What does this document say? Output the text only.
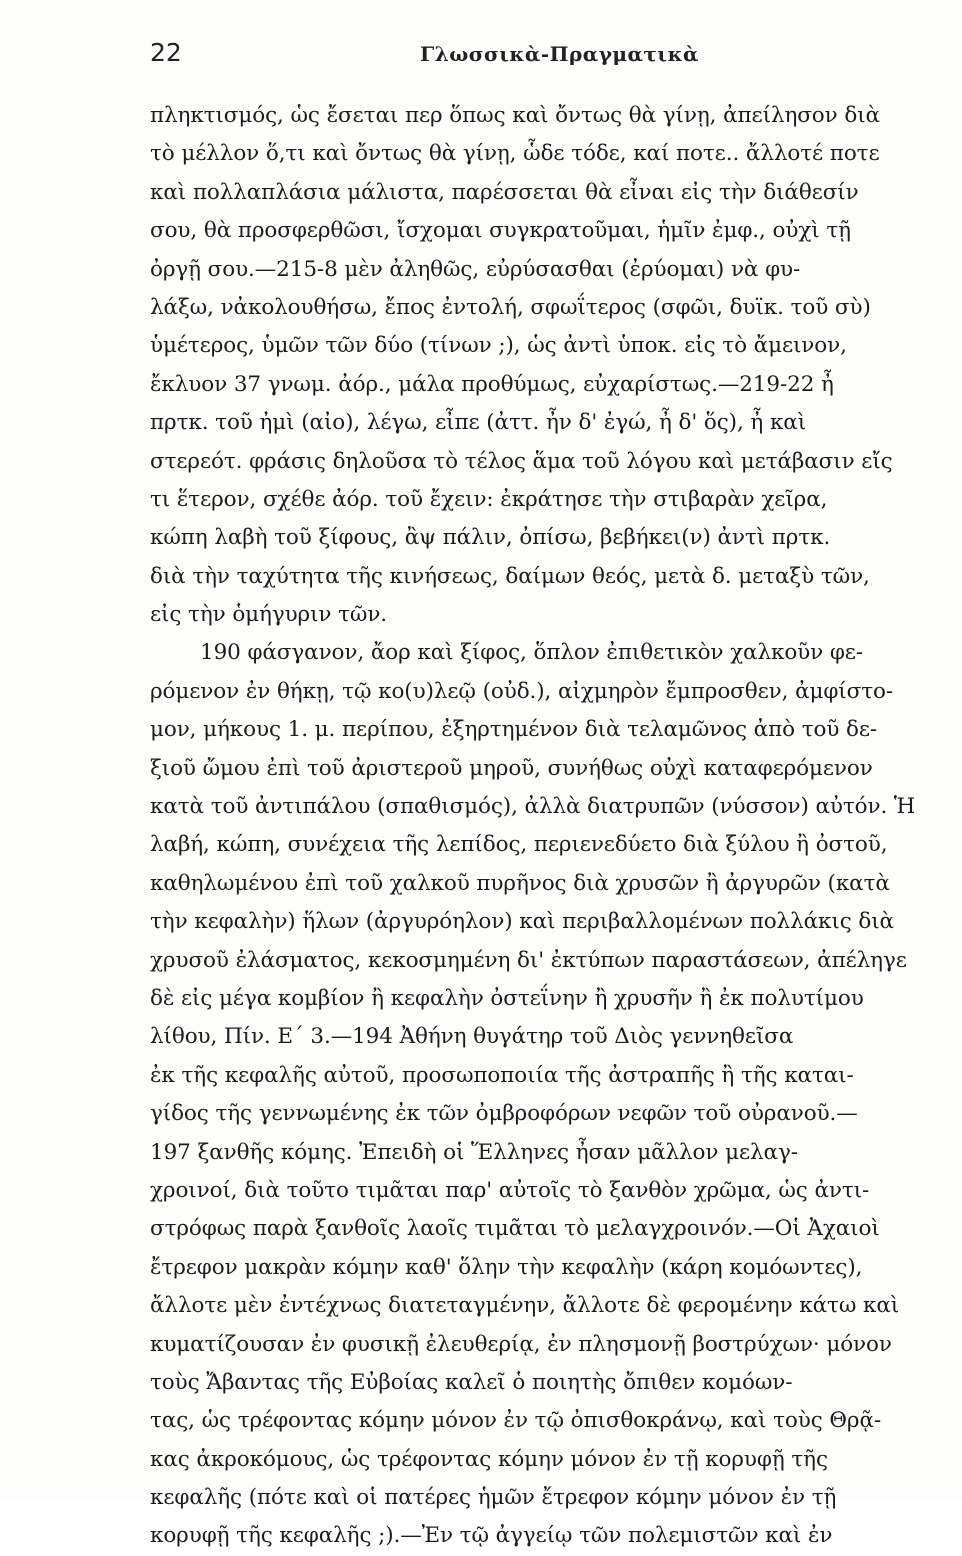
22	Γλωσσικὰ-Πραγματικὰ
πληκτισμός, ὡς ἔσεται περ ὅπως καὶ ὄντως θὰ γίνῃ, ἀπείλησον διὰ
τὸ μέλλον ὅ,τι καὶ ὄντως θὰ γίνῃ, ὧδε τόδε, καί ποτε.. ἄλλοτέ ποτε
καὶ πολλαπλάσια μάλιστα, παρέσσεται θὰ εἶναι εἰς τὴν διάθεσίν
σου, θὰ προσφερθῶσι, ἴσχομαι συγκρατοῦμαι, ἡμῖν ἐμφ., οὐχὶ τῇ
ὀργῇ σου.—215-8 μὲν ἀληθῶς, εὐρύσασθαι (ἐρύομαι) νὰ φυ-
λάξω, νἀκολουθήσω, ἔπος ἐντολή, σφωΐτερος (σφῶι, δυϊκ. τοῦ σὺ)
ὑμέτερος, ὑμῶν τῶν δύο (τίνων ;), ὡς ἀντὶ ὑποκ. εἰς τὸ ἄμεινον,
ἔκλυον 37 γνωμ. ἀόρ., μάλα προθύμως, εὐχαρίστως.—219-22 ἦ
πρτκ. τοῦ ἠμὶ (αἰο), λέγω, εἶπε (ἀττ. ἦν δ' ἐγώ, ἦ δ' ὅς), ἦ καὶ
στερεότ. φράσις δηλοῦσα τὸ τέλος ἅμα τοῦ λόγου καὶ μετάβασιν εἴς
τι ἕτερον, σχέθε ἀόρ. τοῦ ἔχειν: ἐκράτησε τὴν στιβαρὰν χεῖρα,
κώπη λαβὴ τοῦ ξίφους, ἂψ πάλιν, ὀπίσω, βεβήκει(ν) ἀντὶ πρτκ.
διὰ τὴν ταχύτητα τῆς κινήσεως, δαίμων θεός, μετὰ δ. μεταξὺ τῶν,
εἰς τὴν ὁμήγυριν τῶν.
190 φάσγανον, ἄορ καὶ ξίφος, ὅπλον ἐπιθετικὸν χαλκοῦν φε-
ρόμενον ἐν θήκῃ, τῷ κο(υ)λεῷ (οὐδ.), αἰχμηρὸν ἔμπροσθεν, ἀμφίστο-
μον, μήκους 1. μ. περίπου, ἐξηρτημένον διὰ τελαμῶνος ἀπὸ τοῦ δε-
ξιοῦ ὤμου ἐπὶ τοῦ ἀριστεροῦ μηροῦ, συνήθως οὐχὶ καταφερόμενον
κατὰ τοῦ ἀντιπάλου (σπαθισμός), ἀλλὰ διατρυπῶν (νύσσον) αὐτόν. Ἡ
λαβή, κώπη, συνέχεια τῆς λεπίδος, περιενεδύετο διὰ ξύλου ἢ ὀστοῦ,
καθηλωμένου ἐπὶ τοῦ χαλκοῦ πυρῆνος διὰ χρυσῶν ἢ ἀργυρῶν (κατὰ
τὴν κεφαλὴν) ἥλων (ἀργυρόηλον) καὶ περιβαλλομένων πολλάκις διὰ
χρυσοῦ ἐλάσματος, κεκοσμημένη δι' ἐκτύπων παραστάσεων, ἀπέληγε
δὲ εἰς μέγα κομβίον ἢ κεφαλὴν ὀστεΐνην ἢ χρυσῆν ἢ ἐκ πολυτίμου
λίθου, Πίν. Ε΄ 3.—194 Ἀθήνη θυγάτηρ τοῦ Διὸς γεννηθεῖσα
ἐκ τῆς κεφαλῆς αὐτοῦ, προσωποποιία τῆς ἀστραπῆς ἢ τῆς καται-
γίδος τῆς γεννωμένης ἐκ τῶν ὀμβροφόρων νεφῶν τοῦ οὐρανοῦ.—
197 ξανθῆς κόμης. Ἐπειδὴ οἱ Ἕλληνες ἦσαν μᾶλλον μελαγ-
χροινοί, διὰ τοῦτο τιμᾶται παρ' αὐτοῖς τὸ ξανθὸν χρῶμα, ὡς ἀντι-
στρόφως παρὰ ξανθοῖς λαοῖς τιμᾶται τὸ μελαγχροινόν.—Οἱ Ἀχαιοὶ
ἔτρεφον μακρὰν κόμην καθ' ὅλην τὴν κεφαλὴν (κάρη κομόωντες),
ἄλλοτε μὲν ἐντέχνως διατεταγμένην, ἄλλοτε δὲ φερομένην κάτω καὶ
κυματίζουσαν ἐν φυσικῇ ἐλευθερίᾳ, ἐν πλησμονῇ βοστρύχων· μόνον
τοὺς Ἄβαντας τῆς Εὐβοίας καλεῖ ὁ ποιητὴς ὄπιθεν κομόων-
τας, ὡς τρέφοντας κόμην μόνον ἐν τῷ ὀπισθοκράνῳ, καὶ τοὺς Θρᾷ-
κας ἀκροκόμους, ὡς τρέφοντας κόμην μόνον ἐν τῇ κορυφῇ τῆς
κεφαλῆς (πότε καὶ οἱ πατέρες ἡμῶν ἔτρεφον κόμην μόνον ἐν τῇ
κορυφῇ τῆς κεφαλῆς ;).—Ἐν τῷ ἀγγείῳ τῶν πολεμιστῶν καὶ ἐν
